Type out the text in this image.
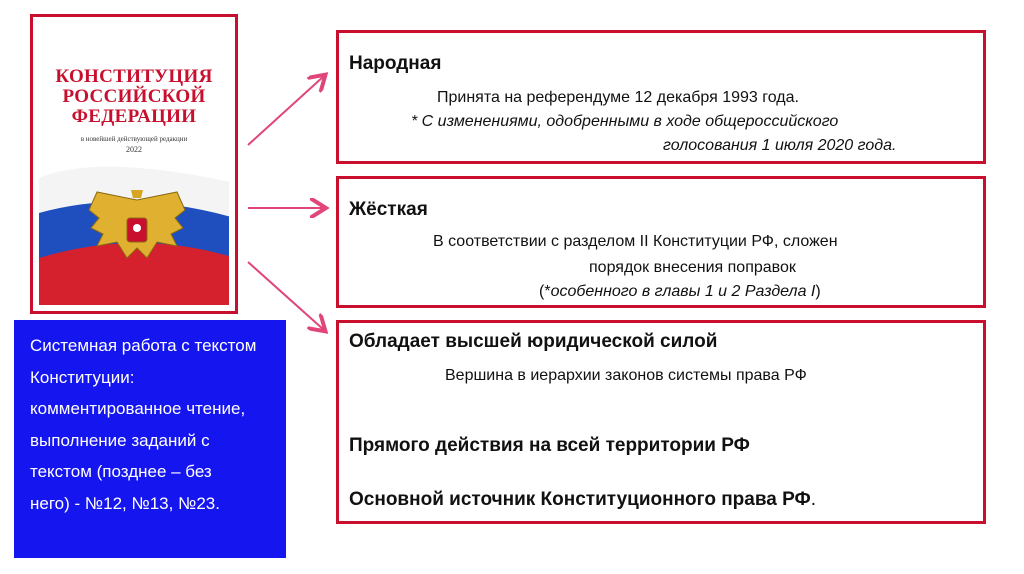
КОНСТИТУЦИЯ
РОССИЙСКОЙ
ФЕДЕРАЦИИ
в новейшей действующей редакции
2022
Системная работа с текстом
Конституции:
комментированное чтение,
выполнение заданий с
текстом (позднее – без
него) - №12, №13, №23.
Народная
Принята на референдуме 12 декабря 1993 года.
* С изменениями, одобренными в ходе общероссийского
голосования 1 июля 2020 года.
Жёсткая
В соответствии с разделом II Конституции РФ, сложен
порядок внесения поправок
(*особенного в главы 1 и 2 Раздела I)
Обладает высшей юридической силой
Вершина в иерархии законов системы права РФ
Прямого действия на всей территории РФ
Основной источник Конституционного права РФ.
